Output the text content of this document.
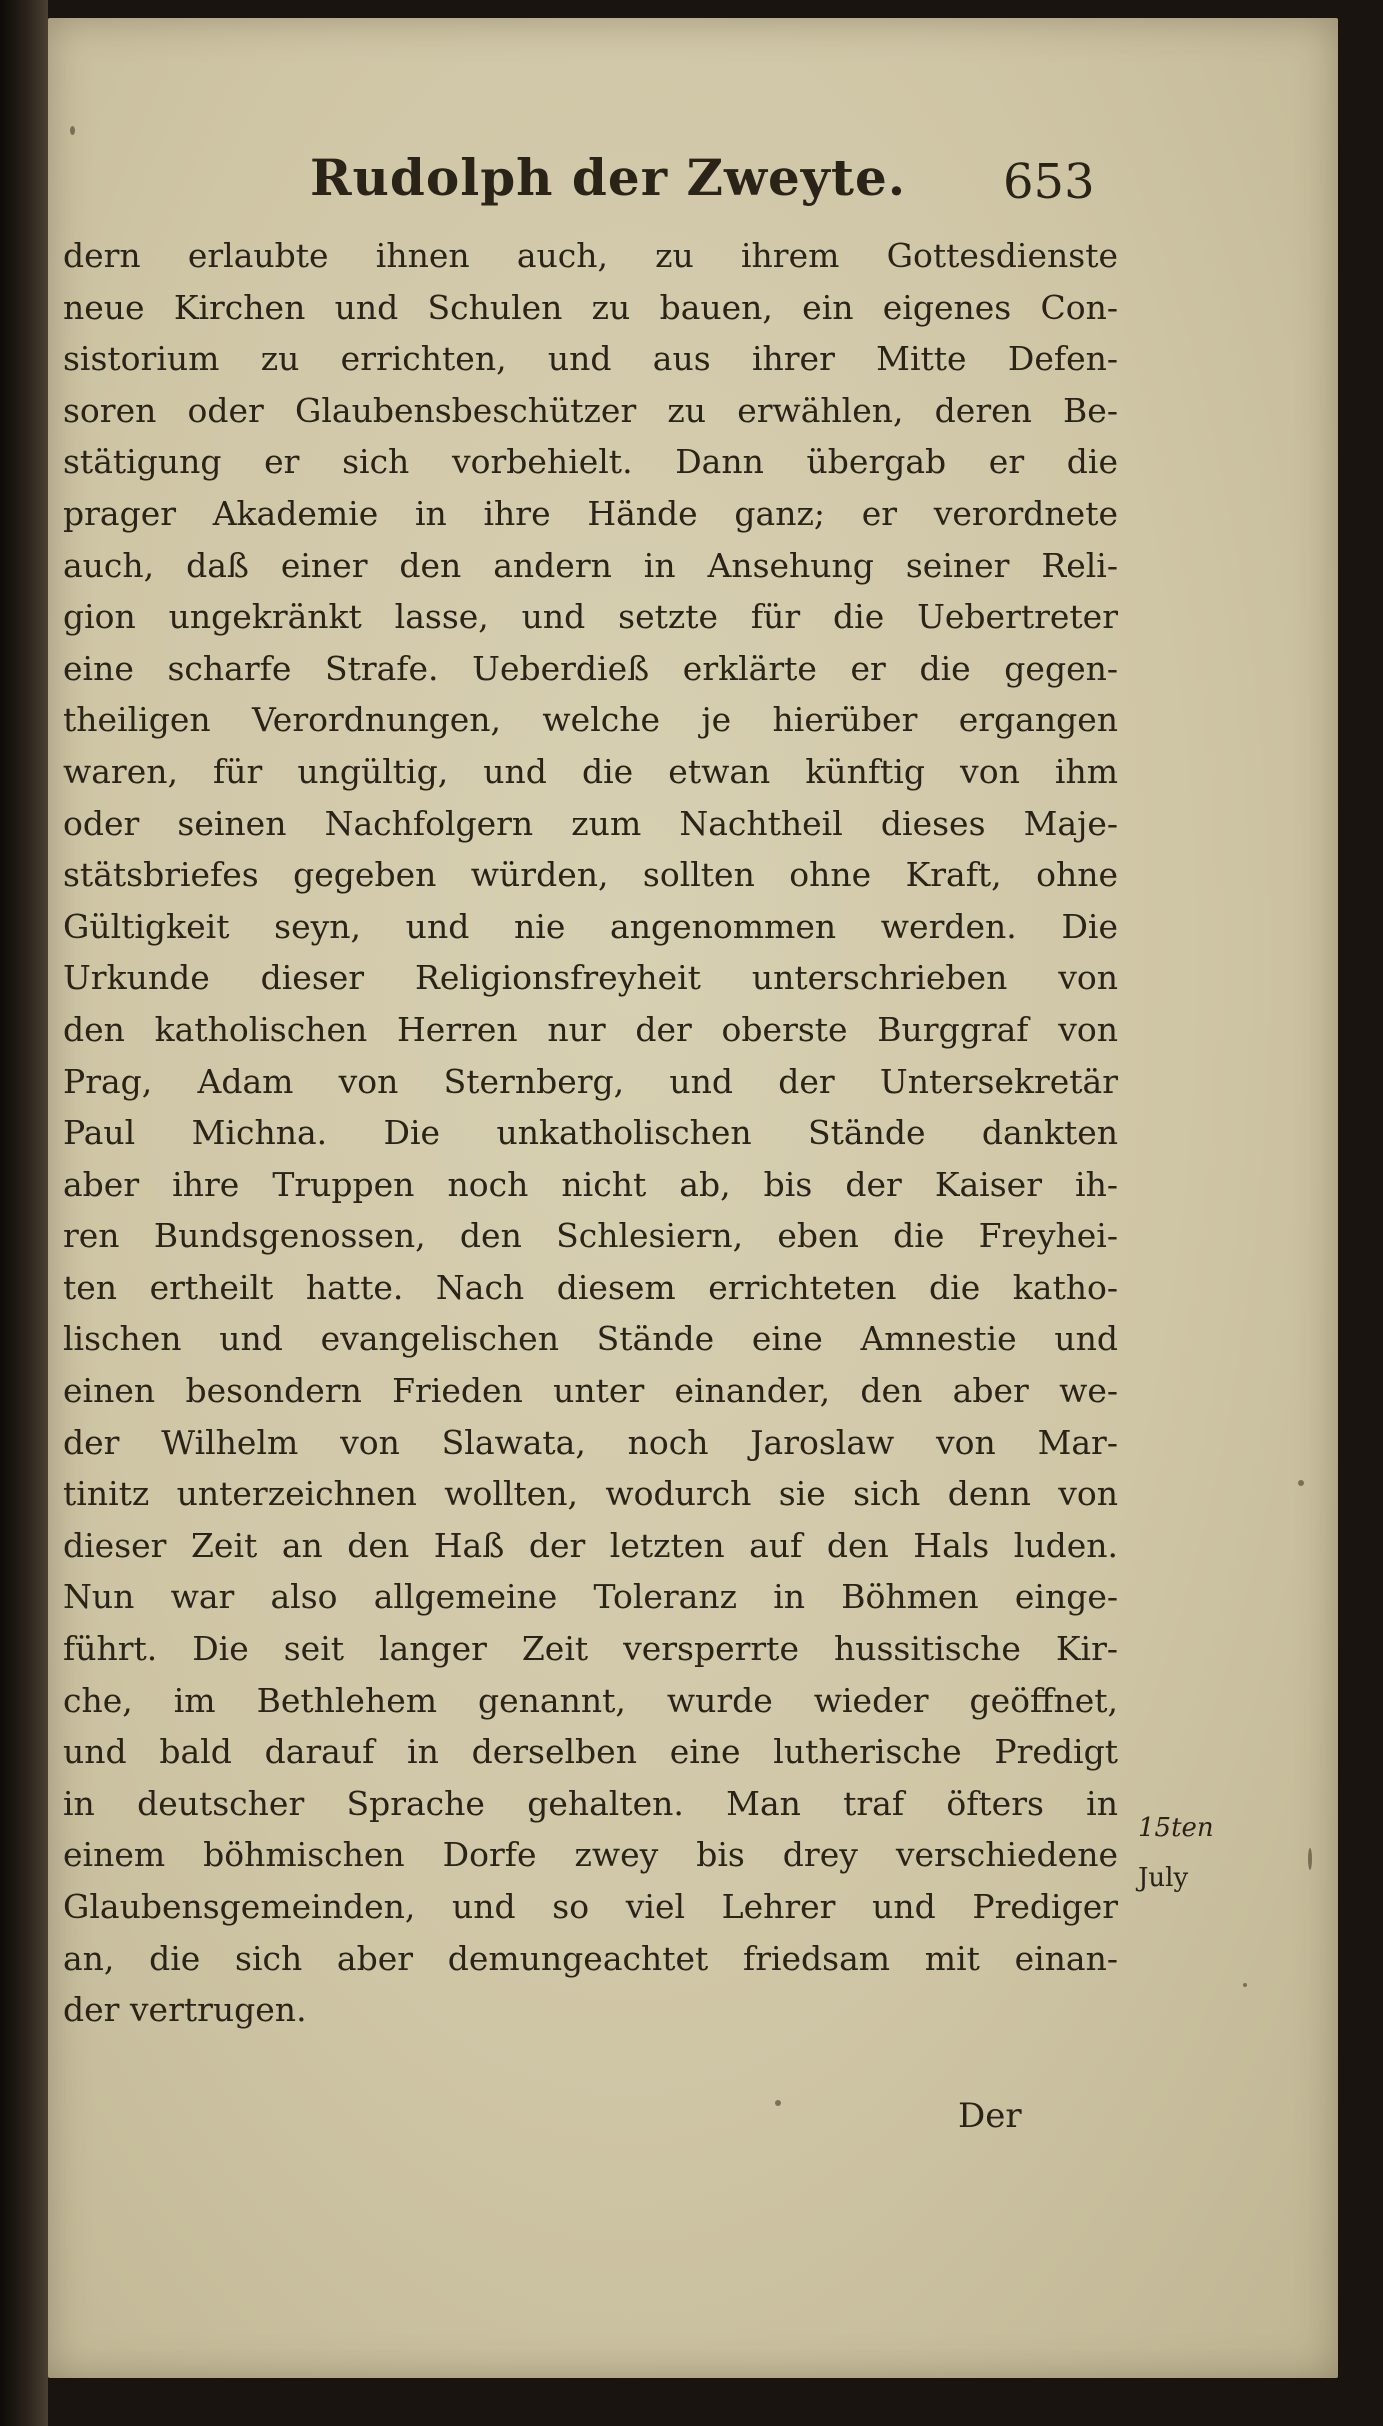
Rudolph der Zweyte. 653
dern erlaubte ihnen auch, zu ihrem Gottesdienste
neue Kirchen und Schulen zu bauen, ein eigenes Con-
sistorium zu errichten, und aus ihrer Mitte Defen-
soren oder Glaubensbeschützer zu erwählen, deren Be-
stätigung er sich vorbehielt. Dann übergab er die
prager Akademie in ihre Hände ganz; er verordnete
auch, daß einer den andern in Ansehung seiner Reli-
gion ungekränkt lasse, und setzte für die Uebertreter
eine scharfe Strafe. Ueberdieß erklärte er die gegen-
theiligen Verordnungen, welche je hierüber ergangen
waren, für ungültig, und die etwan künftig von ihm
oder seinen Nachfolgern zum Nachtheil dieses Maje-
stätsbriefes gegeben würden, sollten ohne Kraft, ohne
Gültigkeit seyn, und nie angenommen werden. Die
Urkunde dieser Religionsfreyheit unterschrieben von
den katholischen Herren nur der oberste Burggraf von
Prag, Adam von Sternberg, und der Untersekretär
Paul Michna. Die unkatholischen Stände dankten
aber ihre Truppen noch nicht ab, bis der Kaiser ih-
ren Bundsgenossen, den Schlesiern, eben die Freyhei-
ten ertheilt hatte. Nach diesem errichteten die katho-
lischen und evangelischen Stände eine Amnestie und
einen besondern Frieden unter einander, den aber we-
der Wilhelm von Slawata, noch Jaroslaw von Mar-
tinitz unterzeichnen wollten, wodurch sie sich denn von
dieser Zeit an den Haß der letzten auf den Hals luden.
Nun war also allgemeine Toleranz in Böhmen einge-
führt. Die seit langer Zeit versperrte hussitische Kir-
che, im Bethlehem genannt, wurde wieder geöffnet,
und bald darauf in derselben eine lutherische Predigt
in deutscher Sprache gehalten. Man traf öfters in
einem böhmischen Dorfe zwey bis drey verschiedene
Glaubensgemeinden, und so viel Lehrer und Prediger
an, die sich aber demungeachtet friedsam mit einan-
der vertrugen.
15ten
July
Der
